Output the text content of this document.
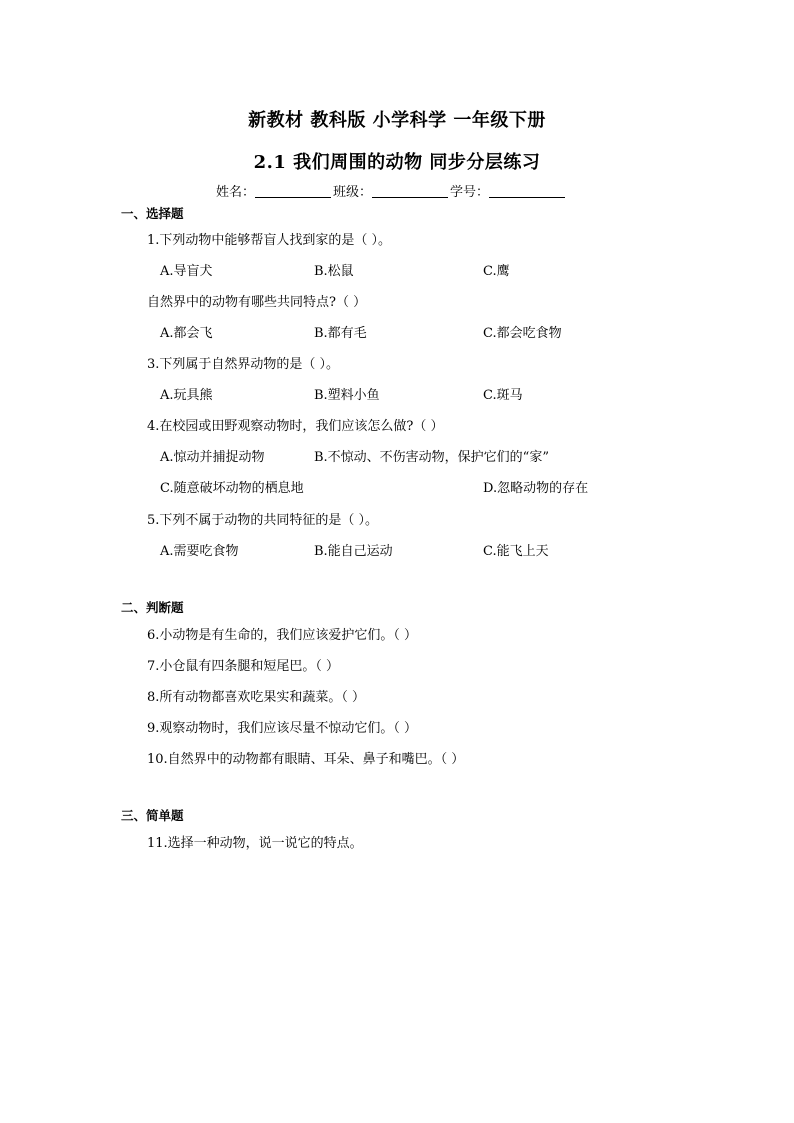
新教材 教科版 小学科学 一年级下册
2.1 我们周围的动物 同步分层练习
姓名：	班级：	学号：
一、选择题
1.下列动物中能够帮盲人找到家的是（ ）。
A.导盲犬	B.松鼠	C.鹰
自然界中的动物有哪些共同特点?（ ）
A.都会飞	B.都有毛	C.都会吃食物
3.下列属于自然界动物的是（ ）。
A.玩具熊	B.塑料小鱼	C.斑马
4.在校园或田野观察动物时，我们应该怎么做?（ ）
A.惊动并捕捉动物	B.不惊动、不伤害动物，保护它们的“家”
C.随意破坏动物的栖息地	D.忽略动物的存在
5.下列不属于动物的共同特征的是（ ）。
A.需要吃食物	B.能自己运动	C.能飞上天
二、判断题
6.小动物是有生命的，我们应该爱护它们。（ ）
7.小仓鼠有四条腿和短尾巴。（ ）
8.所有动物都喜欢吃果实和蔬菜。（ ）
9.观察动物时，我们应该尽量不惊动它们。（ ）
10.自然界中的动物都有眼睛、耳朵、鼻子和嘴巴。（ ）
三、简单题
11.选择一种动物，说一说它的特点。
